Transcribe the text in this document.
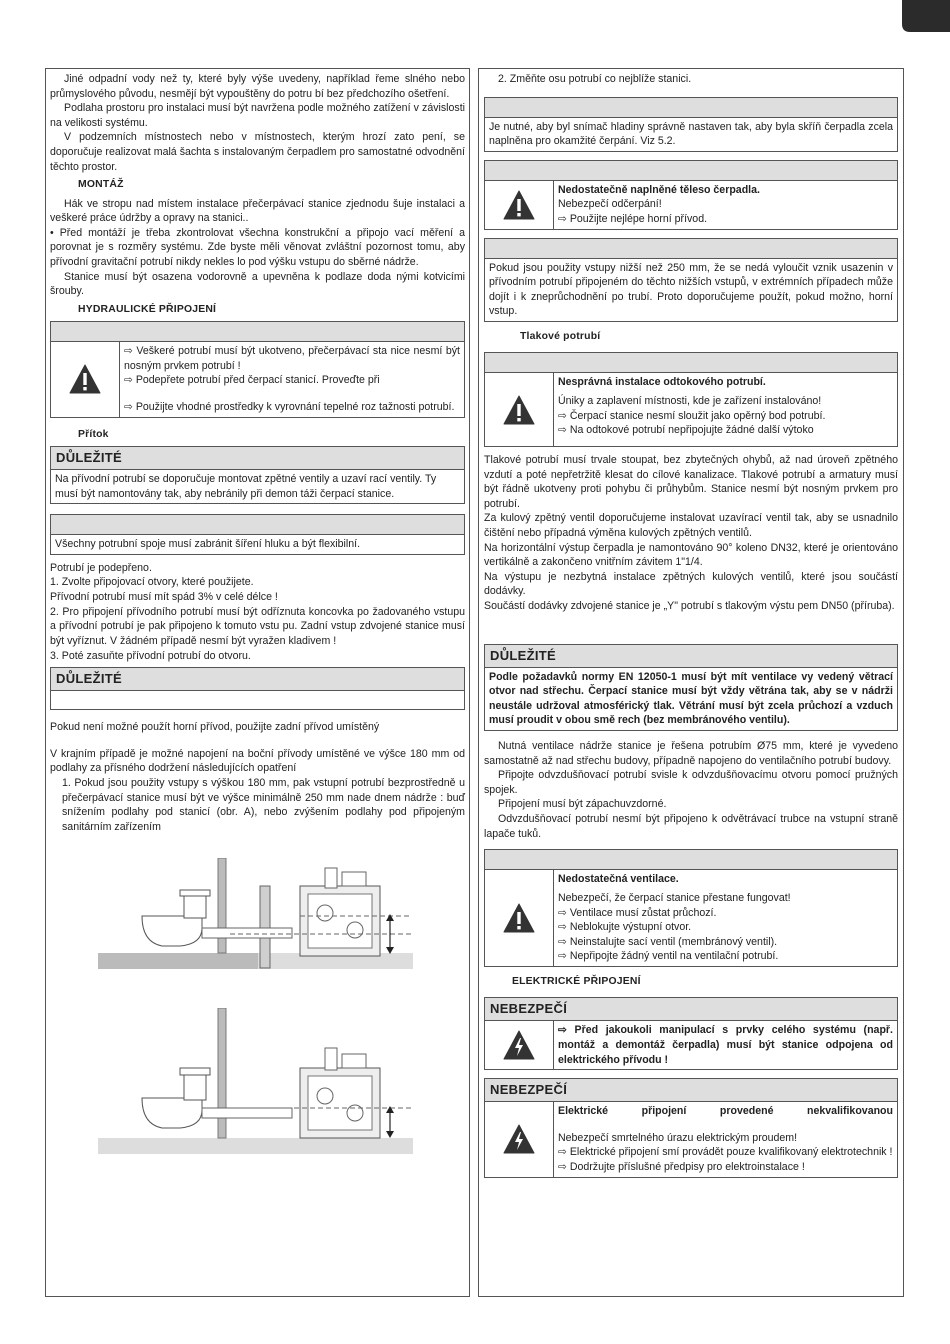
Jiné odpadní vody než ty, které byly výše uvedeny, například řeme slného nebo průmyslového původu, nesmějí být vypouštěny do potru bí bez předchozího ošetření.

Podlaha prostoru pro instalaci musí být navržena podle možného zatížení v závislosti na velikosti systému.

V podzemních místnostech nebo v místnostech, kterým hrozí zato pení, se doporučuje realizovat malá šachta s instalovaným čerpadlem pro samostatné odvodnění těchto prostor.

MONTÁŽ

Hák ve stropu nad místem instalace přečerpávací stanice zjednodu šuje instalaci a veškeré práce údržby a opravy na stanici..

• Před montáží je třeba zkontrolovat všechna konstrukční a připojo vací měření a porovnat je s rozměry systému. Zde byste měli věnovat zvláštní pozornost tomu, aby přívodní gravitační potrubí nikdy nekles lo pod výšku vstupu do sběrné nádrže.

Stanice musí být osazena vodorovně a upevněna k podlaze doda nými kotvicími šrouby.

HYDRAULICKÉ PŘIPOJENÍ

⇨ Veškeré potrubí musí být ukotveno, přečerpávací sta nice nesmí být nosným prvkem potrubí !

⇨ Podepřete potrubí před čerpací stanicí. Proveďte při

⇨ Použijte vhodné prostředky k vyrovnání tepelné roz tažnosti potrubí.

Přítok
DŮLEŽITÉ
Na přívodní potrubí se doporučuje montovat zpětné ventily a uzaví rací ventily. Ty musí být namontovány tak, aby nebránily při demon táži čerpací stanice.
Všechny potrubní spoje musí zabránit šíření hluku a být flexibilní.

Potrubí je podepřeno.

1. Zvolte připojovací otvory, které použijete.

Přívodní potrubí musí mít spád 3% v celé délce !

2. Pro připojení přívodního potrubí musí být odříznuta koncovka po žadovaného vstupu a přívodní potrubí je pak připojeno k tomuto vstu pu. Zadní vstup zdvojené stanice musí být vyříznut. V žádném případě nesmí být vyražen kladivem !

3. Poté zasuňte přívodní potrubí do otvoru.

DŮLEŽITÉ

Pokud není možné použít horní přívod, použijte zadní přívod umístěný

V krajním případě je možné napojení na boční přívody umístěné ve výšce 180 mm od podlahy za přísného dodržení následujících opatření

1. Pokud jsou použity vstupy s výškou 180 mm, pak vstupní potrubí bezprostředně u přečerpávací stanice musí být ve výšce minimálně 250 mm nade dnem nádrže : buď snížením podlahy pod stanicí (obr. A), nebo zvýšením podlahy pod připojeným sanitárním zařízením

2. Změňte osu potrubí co nejblíže stanici.

Je nutné, aby byl snímač hladiny správně nastaven tak, aby byla skříň čerpadla zcela naplněna pro okamžité čerpání. Viz 5.2.

Nedostatečně naplněné těleso čerpadla.

Nebezpečí odčerpání!

⇨ Použijte nejlépe horní přívod.

Pokud jsou použity vstupy nižší než 250 mm, že se nedá vyloučit vznik usazenin v přívodním potrubí připojeném do těchto nižších vstupů, v extrémních případech může dojít i k zneprůchodnění po trubí. Proto doporučujeme použít, pokud možno, horní vstup.
Tlakové potrubí

Nesprávná instalace odtokového potrubí.

Úniky a zaplavení místnosti, kde je zařízení instalováno!

⇨ Čerpací stanice nesmí sloužit jako opěrný bod potrubí.

⇨ Na odtokové potrubí nepřipojujte žádné další výtoko

Tlakové potrubí musí trvale stoupat, bez zbytečných ohybů, až nad úroveň zpětného vzdutí a poté nepřetržitě klesat do cílové kanalizace. Tlakové potrubí a armatury musí být řádně ukotveny proti pohybu či průhybům. Stanice nesmí být nosným prvkem pro potrubí.

Za kulový zpětný ventil doporučujeme instalovat uzavírací ventil tak, aby se usnadnilo čištění nebo případná výměna kulových zpětných ventilů.

Na horizontální výstup čerpadla je namontováno 90° koleno DN32, které je orientováno vertikálně a zakončeno vnitřním závitem 1"1/4.

Na výstupu je nezbytná instalace zpětných kulových ventilů, které jsou součástí dodávky.

Součástí dodávky zdvojené stanice je „Y" potrubí s tlakovým výstu pem DN50 (příruba).

DŮLEŽITÉ
Podle požadavků normy EN 12050-1 musí být mít ventilace vy vedený větrací otvor nad střechu. Čerpací stanice musí být vždy větrána tak, aby se v nádrži neustále udržoval atmosférický tlak. Větrání musí být zcela průchozí a vzduch musí proudit v obou smě rech (bez membránového ventilu).

Nutná ventilace nádrže stanice je řešena potrubím Ø75 mm, které je vyvedeno samostatně až nad střechu budovy, případně napojeno do ventilačního potrubí budovy.

Připojte odvzdušňovací potrubí svisle k odvzdušňovacímu otvoru pomocí pružných spojek.

Připojení musí být zápachuvzdorné.

Odvzdušňovací potrubí nesmí být připojeno k odvětrávací trubce na vstupní straně lapače tuků.

Nedostatečná ventilace.

Nebezpečí, že čerpací stanice přestane fungovat!

⇨ Ventilace musí zůstat průchozí.

⇨ Neblokujte výstupní otvor.

⇨ Neinstalujte sací ventil (membránový ventil).

⇨ Nepřipojte žádný ventil na ventilační potrubí.

ELEKTRICKÉ PŘIPOJENÍ
NEBEZPEČÍ
⇨ Před jakoukoli manipulací s prvky celého systému (např. montáž a demontáž čerpadla) musí být stanice odpojena od elektrického přívodu !
NEBEZPEČÍ

Elektrické připojení provedené nekvalifikovanou

Nebezpečí smrtelného úrazu elektrickým proudem!

⇨ Elektrické připojení smí provádět pouze kvalifikovaný elektrotechnik !

⇨ Dodržujte příslušné předpisy pro elektroinstalace !
